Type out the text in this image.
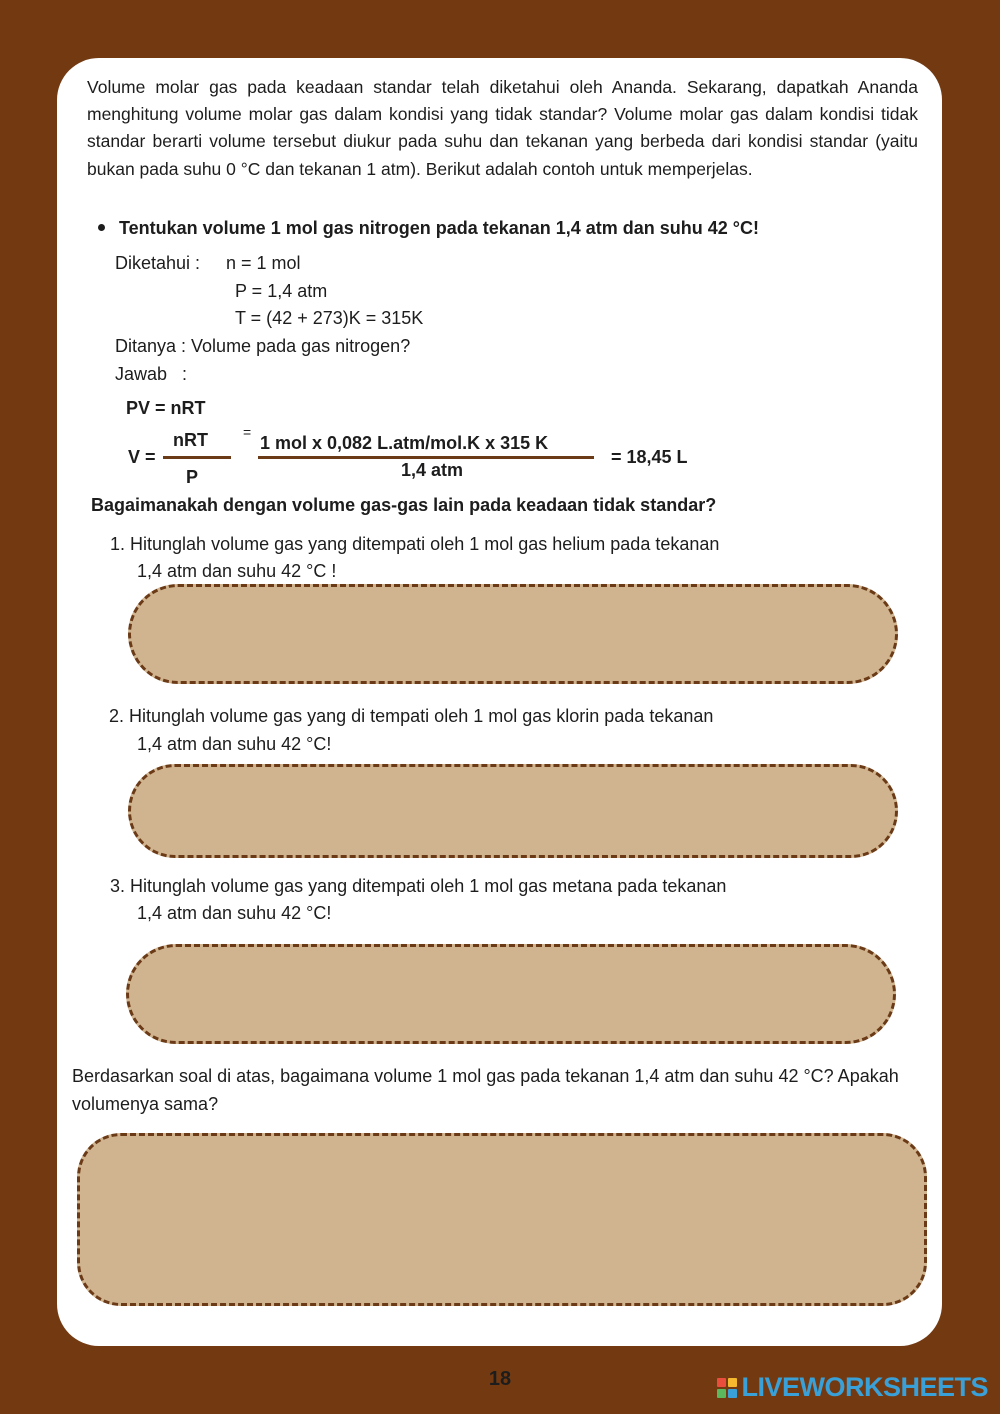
Volume molar gas pada keadaan standar telah diketahui oleh Ananda. Sekarang, dapatkah Ananda menghitung volume molar gas dalam kondisi yang tidak standar? Volume molar gas dalam kondisi tidak standar berarti volume tersebut diukur pada suhu dan tekanan yang berbeda dari kondisi standar (yaitu bukan pada suhu 0 °C dan tekanan 1 atm). Berikut adalah contoh untuk memperjelas.
Tentukan volume 1 mol gas nitrogen pada tekanan 1,4 atm dan suhu 42 °C!
Diketahui : n = 1 mol
P = 1,4 atm
T = (42 + 273)K = 315K
Ditanya : Volume pada gas nitrogen?
Jawab   :
PV = nRT
V =
nRT
P
=
1 mol x 0,082 L.atm/mol.K x 315 K
1,4 atm
= 18,45 L
Bagaimanakah dengan volume gas-gas lain pada keadaan tidak standar?
1. Hitunglah volume gas yang ditempati oleh 1 mol gas helium pada tekanan
1,4 atm dan suhu 42 °C !
2. Hitunglah volume gas yang di tempati oleh 1 mol gas klorin pada tekanan
1,4 atm dan suhu 42 °C!
3. Hitunglah volume gas yang ditempati oleh 1 mol gas metana pada tekanan
1,4 atm dan suhu 42 °C!
Berdasarkan soal di atas, bagaimana volume 1 mol gas pada tekanan 1,4 atm dan suhu 42 °C? Apakah volumenya sama?
18	LIVEWORKSHEETS
